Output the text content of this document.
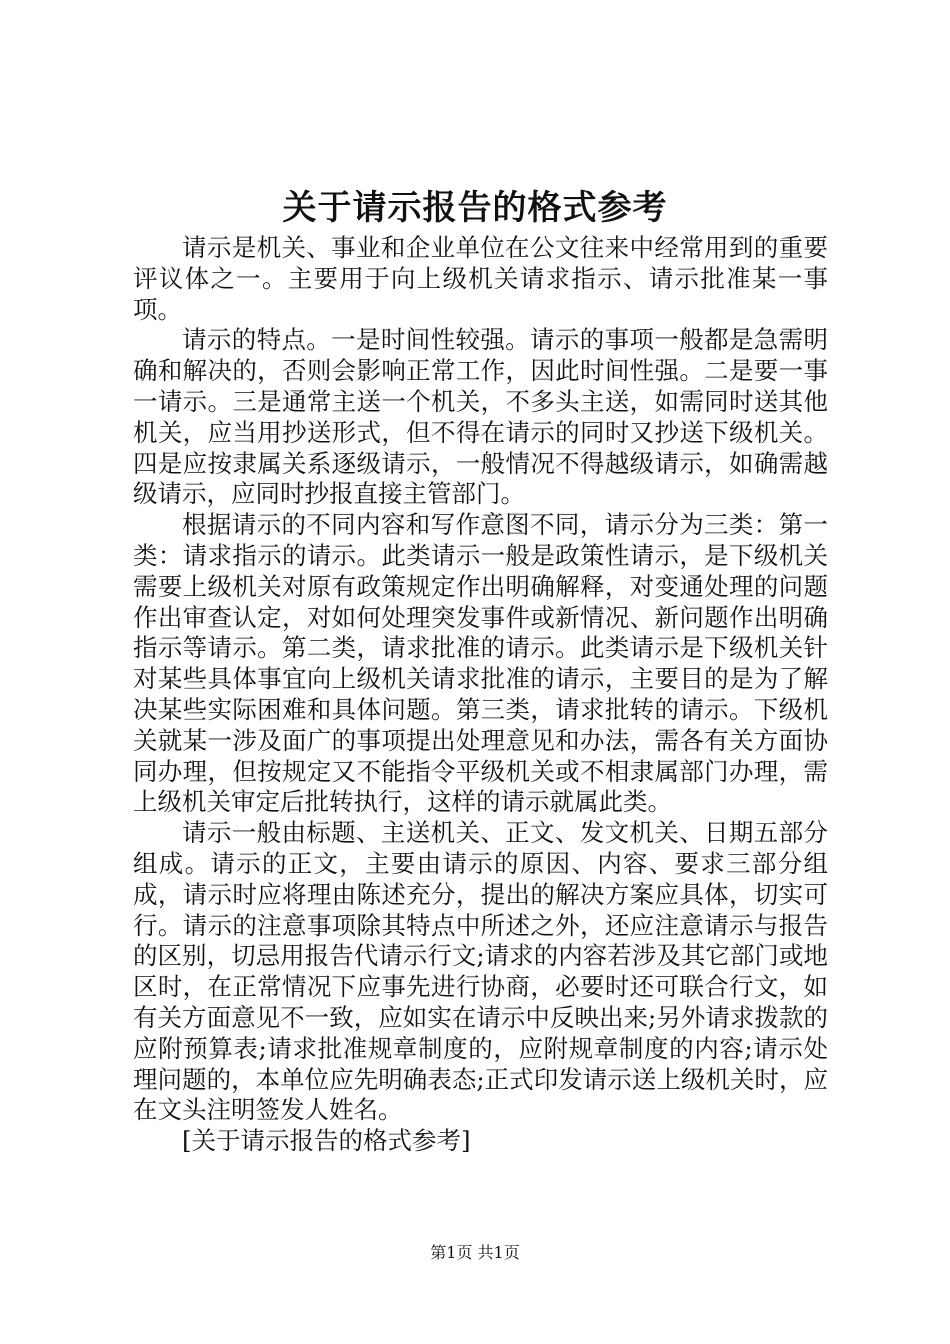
关于请示报告的格式参考

请示是机关、事业和企业单位在公文往来中经常用到的重要评议体之一。主要用于向上级机关请求指示、请示批准某一事项。

请示的特点。一是时间性较强。请示的事项一般都是急需明确和解决的，否则会影响正常工作，因此时间性强。二是要一事一请示。三是通常主送一个机关，不多头主送，如需同时送其他机关，应当用抄送形式，但不得在请示的同时又抄送下级机关。四是应按隶属关系逐级请示，一般情况不得越级请示，如确需越级请示，应同时抄报直接主管部门。

根据请示的不同内容和写作意图不同，请示分为三类：第一类：请求指示的请示。此类请示一般是政策性请示，是下级机关需要上级机关对原有政策规定作出明确解释，对变通处理的问题作出审查认定，对如何处理突发事件或新情况、新问题作出明确指示等请示。第二类，请求批准的请示。此类请示是下级机关针对某些具体事宜向上级机关请求批准的请示，主要目的是为了解决某些实际困难和具体问题。第三类，请求批转的请示。下级机关就某一涉及面广的事项提出处理意见和办法，需各有关方面协同办理，但按规定又不能指令平级机关或不相隶属部门办理，需上级机关审定后批转执行，这样的请示就属此类。

请示一般由标题、主送机关、正文、发文机关、日期五部分组成。请示的正文，主要由请示的原因、内容、要求三部分组成，请示时应将理由陈述充分，提出的解决方案应具体，切实可行。请示的注意事项除其特点中所述之外，还应注意请示与报告的区别，切忌用报告代请示行文;请求的内容若涉及其它部门或地区时，在正常情况下应事先进行协商，必要时还可联合行文，如有关方面意见不一致，应如实在请示中反映出来;另外请求拨款的应附预算表;请求批准规章制度的，应附规章制度的内容;请示处理问题的，本单位应先明确表态;正式印发请示送上级机关时，应在文头注明签发人姓名。

[关于请示报告的格式参考]

第1页 共1页
